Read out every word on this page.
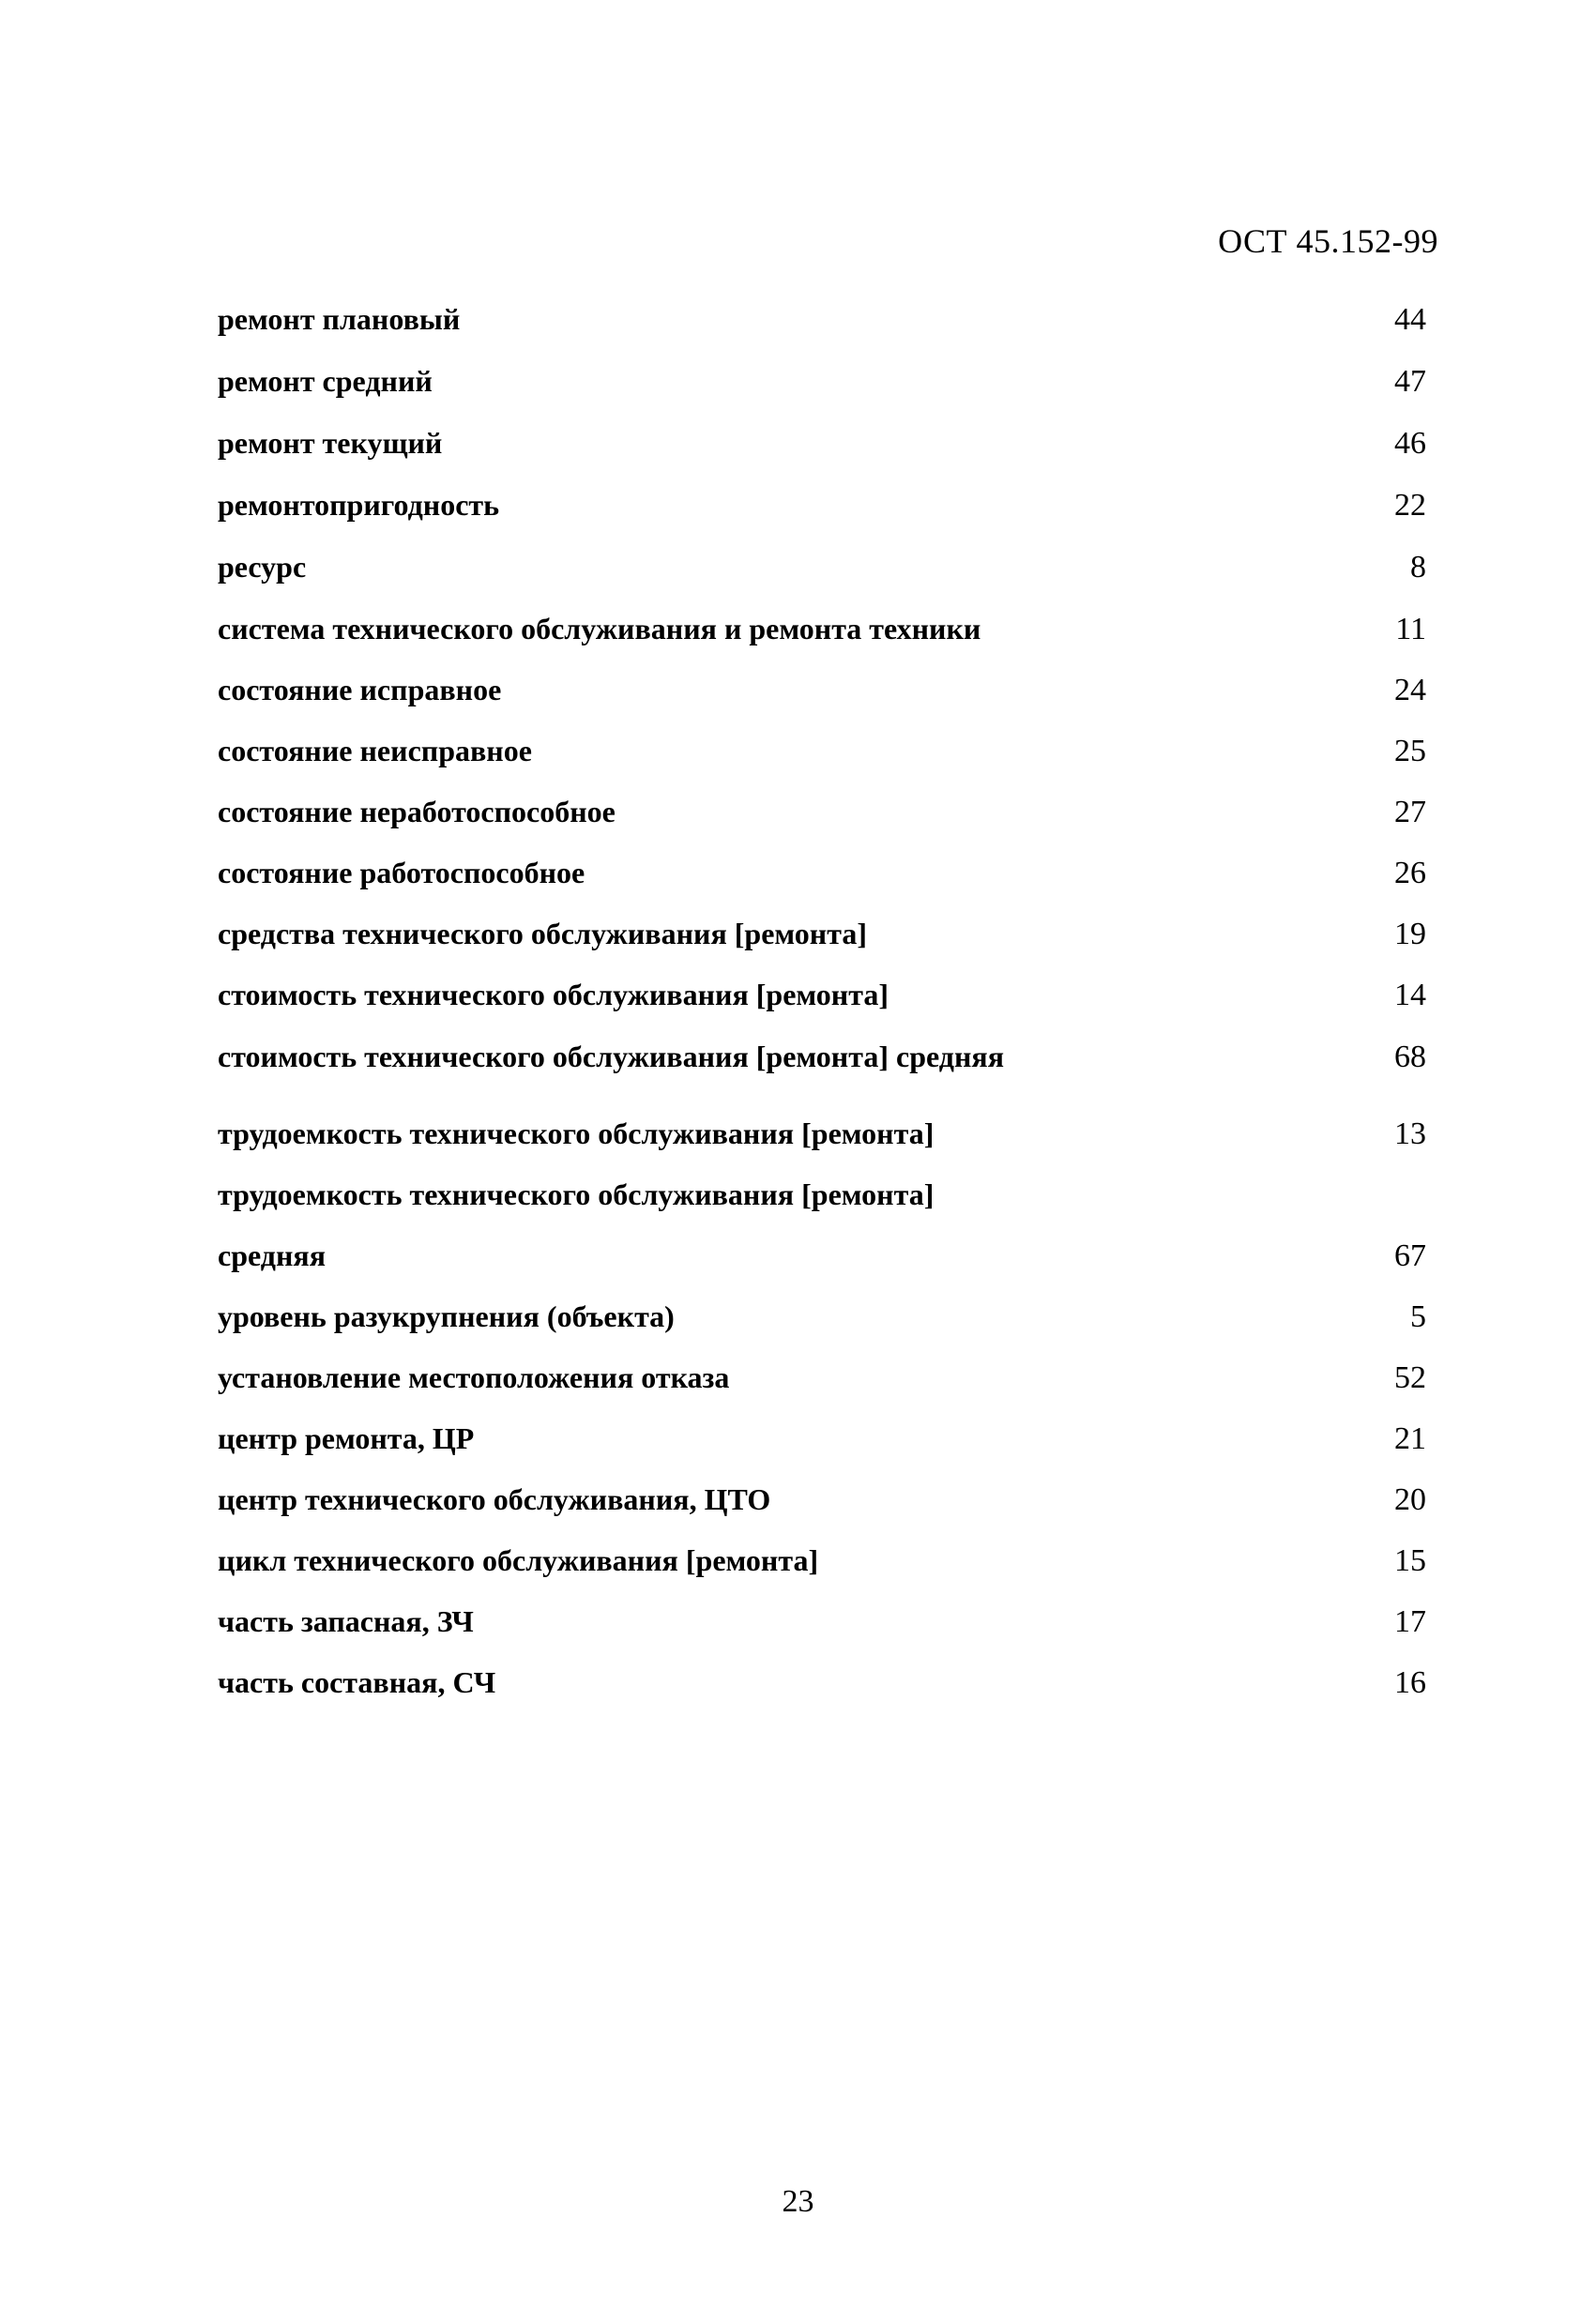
ОСТ 45.152-99
ремонт плановый	44
ремонт средний	47
ремонт текущий	46
ремонтопригодность	22
ресурс	8
система технического обслуживания и ремонта техники	11
состояние исправное	24
состояние неисправное	25
состояние неработоспособное	27
состояние работоспособное	26
средства технического обслуживания [ремонта]	19
стоимость технического обслуживания [ремонта]	14
стоимость технического обслуживания [ремонта] средняя	68
трудоемкость технического обслуживания [ремонта]	13
трудоемкость технического обслуживания [ремонта]
средняя	67
уровень разукрупнения (объекта)	5
установление местоположения отказа	52
центр ремонта, ЦР	21
центр технического обслуживания, ЦТО	20
цикл технического обслуживания [ремонта]	15
часть запасная, ЗЧ	17
часть составная, СЧ	16
23
